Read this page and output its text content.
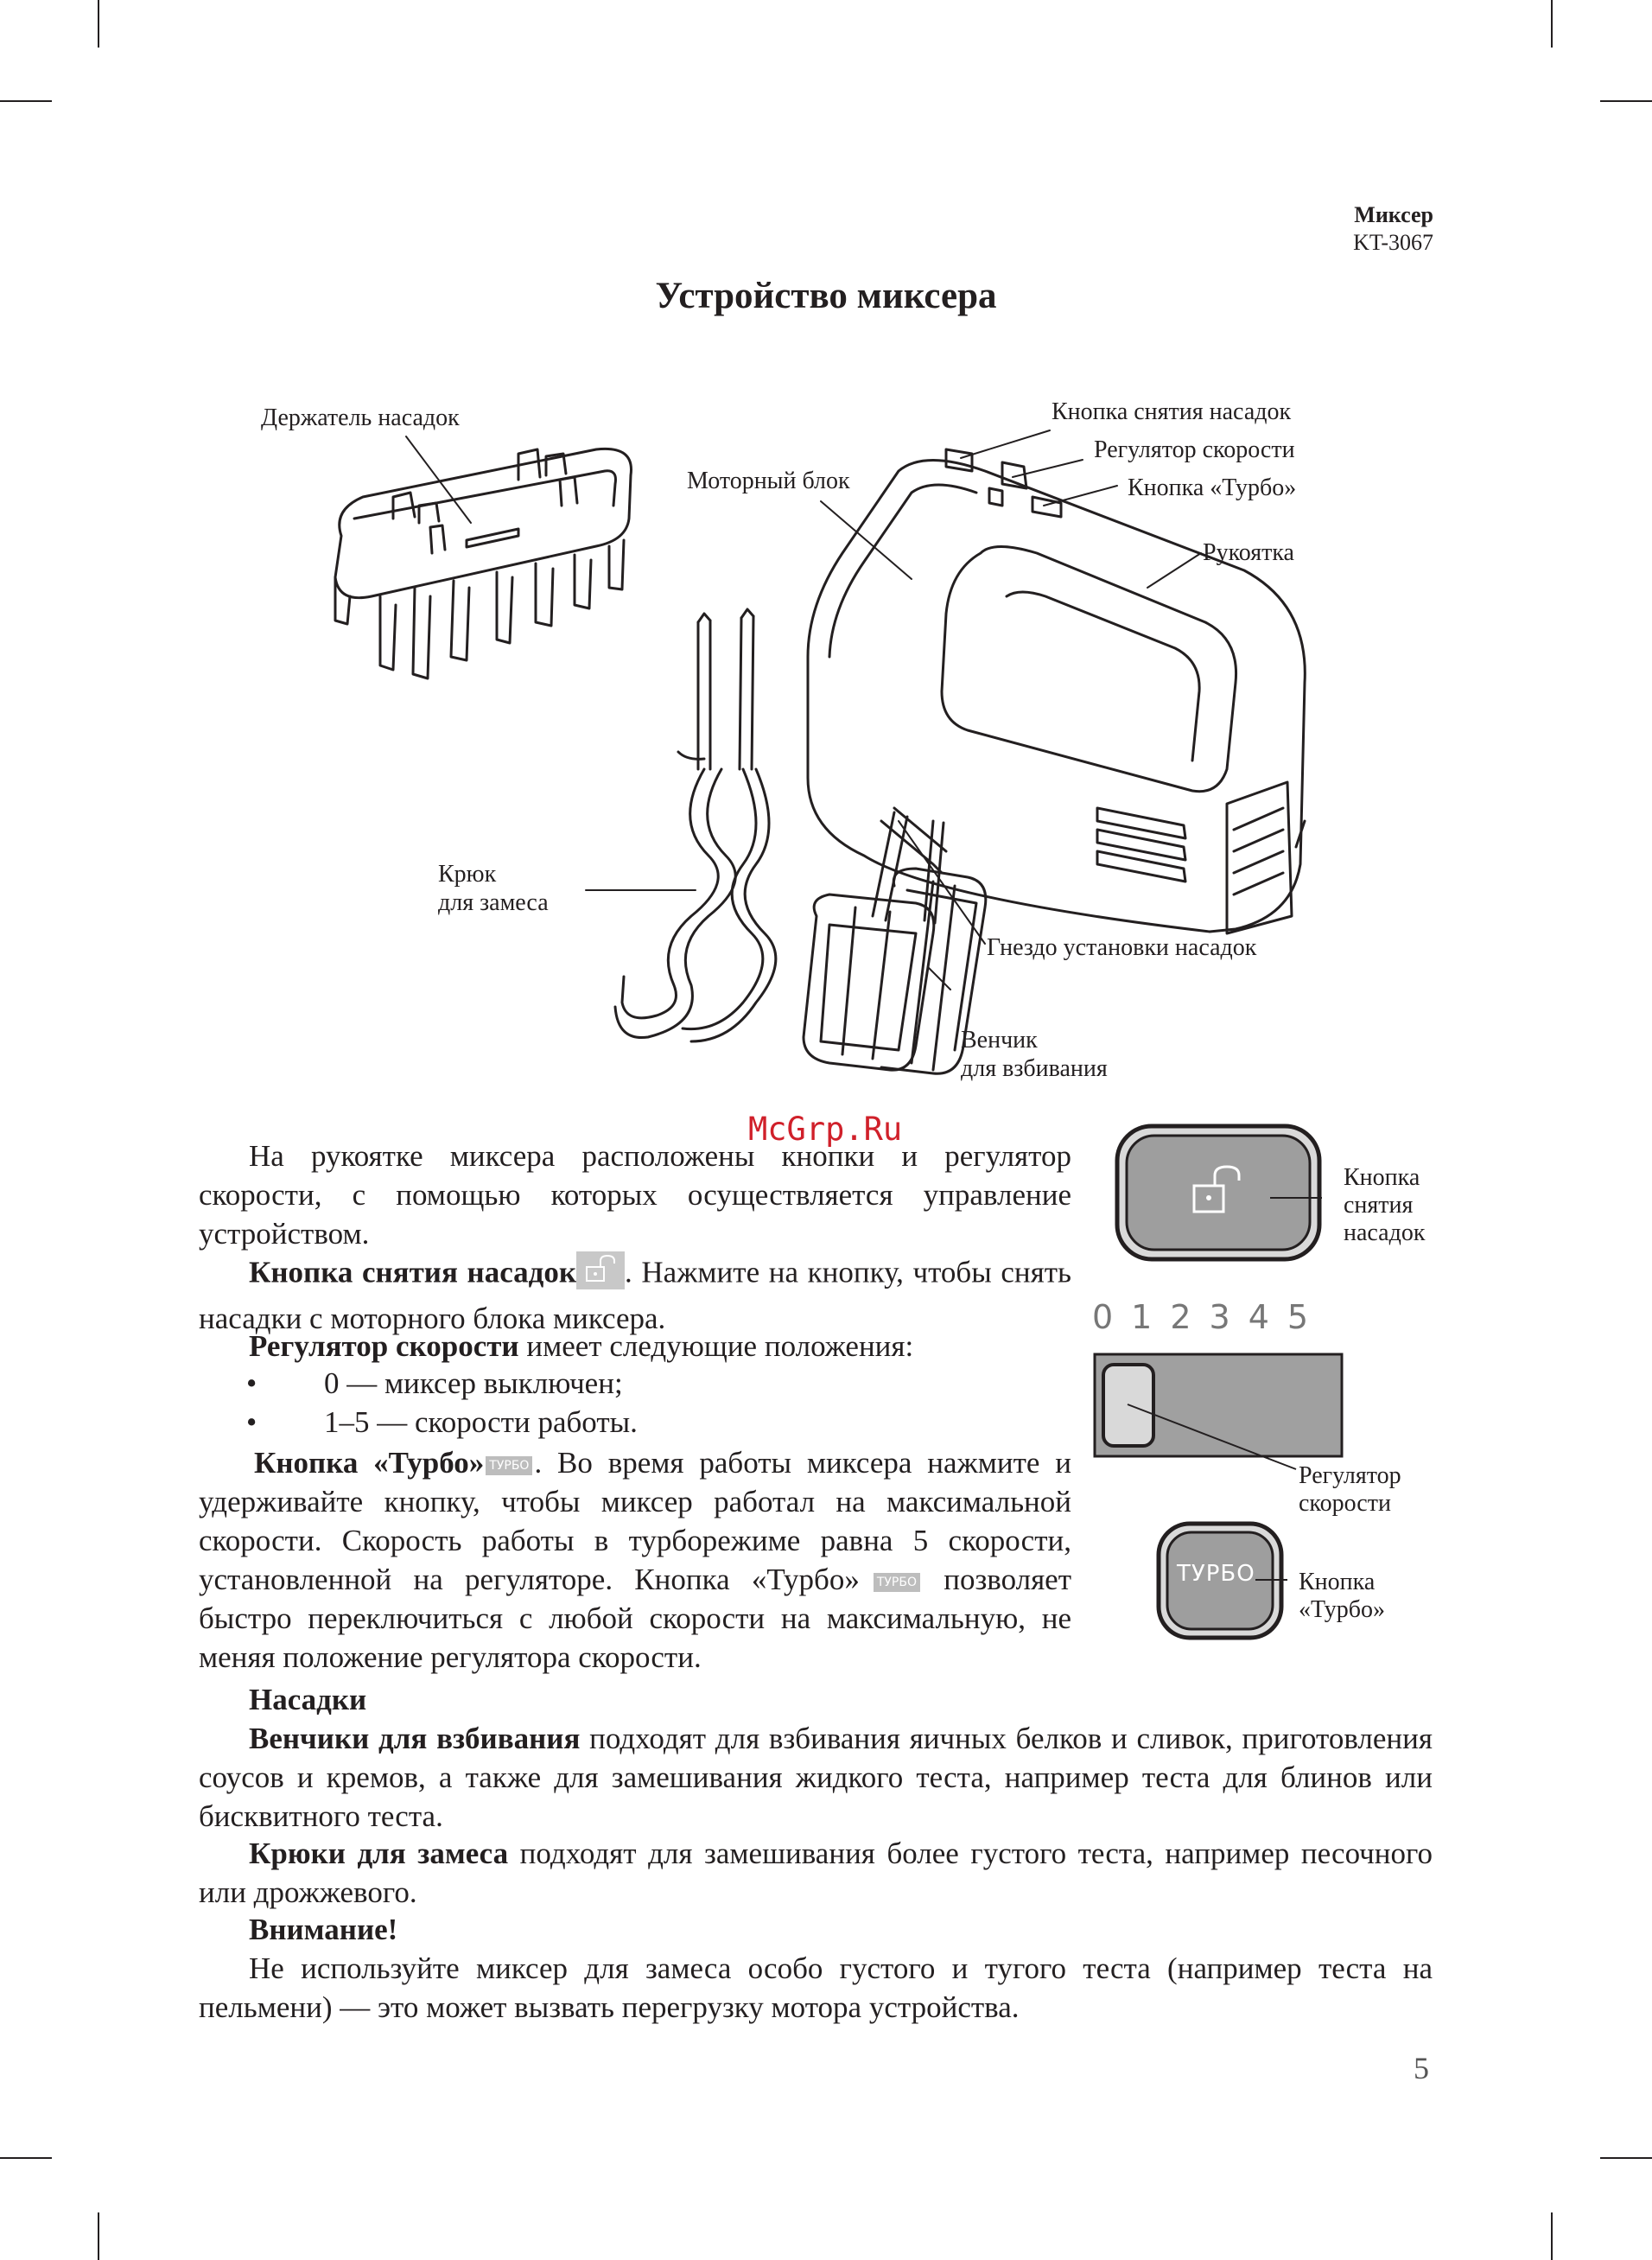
Миксер
KT-3067
Устройство миксера
Держатель насадок
Моторный блок
Кнопка снятия насадок
Регулятор скорости
Кнопка «Турбо»
Рукоятка
Крюк
для замеса
Гнездо установки насадок
Венчик
для взбивания
McGrp.Ru
На рукоятке миксера расположены кнопки и регулятор скорости, с помощью которых осуществляется управление устройством.
Кнопка снятия насадок . Нажмите на кнопку, чтобы снять насадки с моторного блока миксера.
Регулятор скорости имеет следующие положения:
• 0 — миксер выключен;
• 1–5 — скорости работы.
Кнопка «Турбо» ТУРБО . Во время работы миксера нажмите и удерживайте кнопку, чтобы миксер работал на максимальной скорости. Скорость работы в турборежиме равна 5 скорости, установленной на регуляторе. Кнопка «Турбо» ТУРБО позволяет быстро переключиться с любой скорости на максимальную, не меняя положение регулятора скорости.
Кнопка
снятия
насадок
012345
Регулятор
скорости
ТУРБО Кнопка
«Турбо»
Насадки
Венчики для взбивания подходят для взбивания яичных белков и сливок, приготовления соусов и кремов, а также для замешивания жидкого теста, например теста для блинов или бисквитного теста.
Крюки для замеса подходят для замешивания более густого теста, например песочного или дрожжевого.
Внимание!
Не используйте миксер для замеса особо густого и тугого теста (например теста на пельмени) — это может вызвать перегрузку мотора устройства.
5
